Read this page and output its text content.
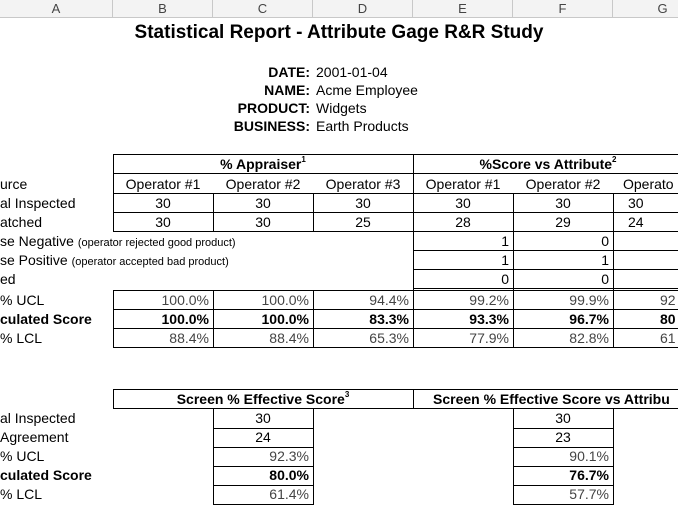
A	B	C	D	E	F	G
Statistical Report - Attribute Gage R&R Study
DATE: 2001-01-04
NAME: Acme Employee
PRODUCT: Widgets
BUSINESS: Earth Products
% Appraiser$^1$	%Score vs Attribute$^2$
urce	Operator #1	Operator #2	Operator #3	Operator #1	Operator #2	Operato
al Inspected	30	30	30	30	30	30
atched	30	30	25	28	29	24
se Negative (operator rejected good product)	1	0
se Positive (operator accepted bad product)	1	1
ed	0	0
% UCL	100.0%	100.0%	94.4%	99.2%	99.9%	92
culated Score	100.0%	100.0%	83.3%	93.3%	96.7%	80
% LCL	88.4%	88.4%	65.3%	77.9%	82.8%	61
Screen % Effective Score$^3$	Screen % Effective Score vs Attribu
al Inspected	30	30
Agreement	24	23
% UCL	92.3%	90.1%
culated Score	80.0%	76.7%
% LCL	61.4%	57.7%
